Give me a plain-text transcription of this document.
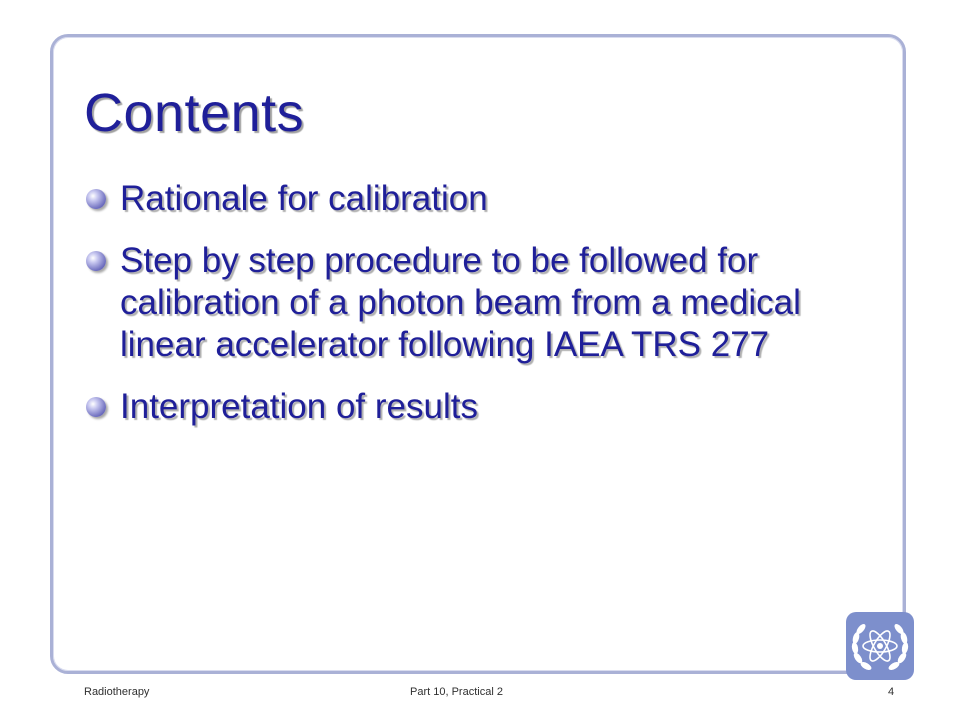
Contents
Rationale for calibration
Step by step procedure to be followed for calibration of a photon beam from a medical linear accelerator following IAEA TRS 277
Interpretation of results
Radiotherapy	Part 10, Practical 2	4
